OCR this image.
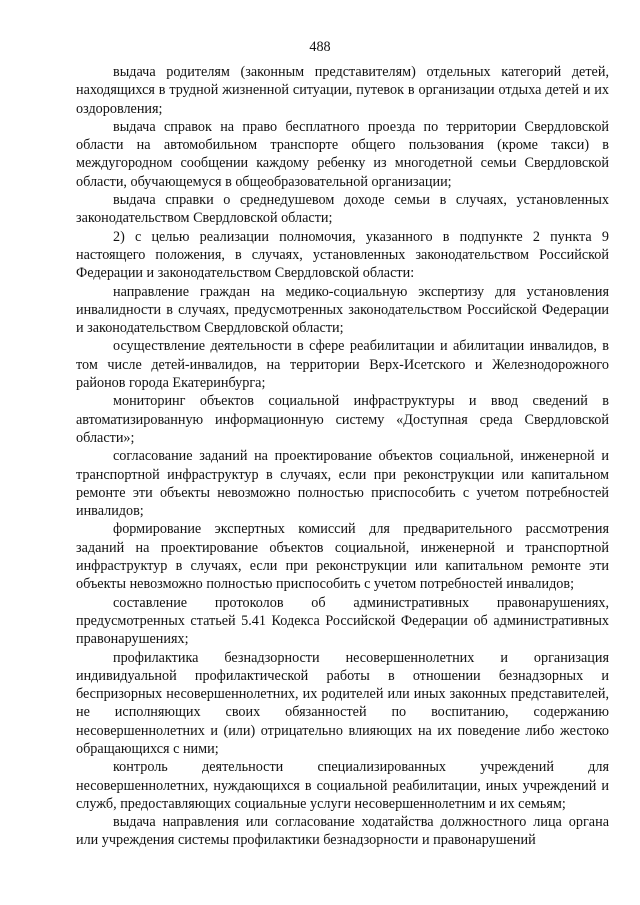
488

выдача родителям (законным представителям) отдельных категорий детей, находящихся в трудной жизненной ситуации, путевок в организации отдыха детей и их оздоровления;

выдача справок на право бесплатного проезда по территории Свердловской области на автомобильном транспорте общего пользования (кроме такси) в междугородном сообщении каждому ребенку из многодетной семьи Свердловской области, обучающемуся в общеобразовательной организации;

выдача справки о среднедушевом доходе семьи в случаях, установленных законодательством Свердловской области;

2) с целью реализации полномочия, указанного в подпункте 2 пункта 9 настоящего положения, в случаях, установленных законодательством Российской Федерации и законодательством Свердловской области:

направление граждан на медико-социальную экспертизу для установления инвалидности в случаях, предусмотренных законодательством Российской Федерации и законодательством Свердловской области;

осуществление деятельности в сфере реабилитации и абилитации инвалидов, в том числе детей-инвалидов, на территории Верх-Исетского и Железнодорожного районов города Екатеринбурга;

мониторинг объектов социальной инфраструктуры и ввод сведений в автоматизированную информационную систему «Доступная среда Свердловской области»;

согласование заданий на проектирование объектов социальной, инженерной и транспортной инфраструктур в случаях, если при реконструкции или капитальном ремонте эти объекты невозможно полностью приспособить с учетом потребностей инвалидов;

формирование экспертных комиссий для предварительного рассмотрения заданий на проектирование объектов социальной, инженерной и транспортной инфраструктур в случаях, если при реконструкции или капитальном ремонте эти объекты невозможно полностью приспособить с учетом потребностей инвалидов;

составление протоколов об административных правонарушениях, предусмотренных статьей 5.41 Кодекса Российской Федерации об административных правонарушениях;

профилактика безнадзорности несовершеннолетних и организация индивидуальной профилактической работы в отношении безнадзорных и беспризорных несовершеннолетних, их родителей или иных законных представителей, не исполняющих своих обязанностей по воспитанию, содержанию несовершеннолетних и (или) отрицательно влияющих на их поведение либо жестоко обращающихся с ними;

контроль деятельности специализированных учреждений для несовершеннолетних, нуждающихся в социальной реабилитации, иных учреждений и служб, предоставляющих социальные услуги несовершеннолетним и их семьям;

выдача направления или согласование ходатайства должностного лица органа или учреждения системы профилактики безнадзорности и правонарушений
